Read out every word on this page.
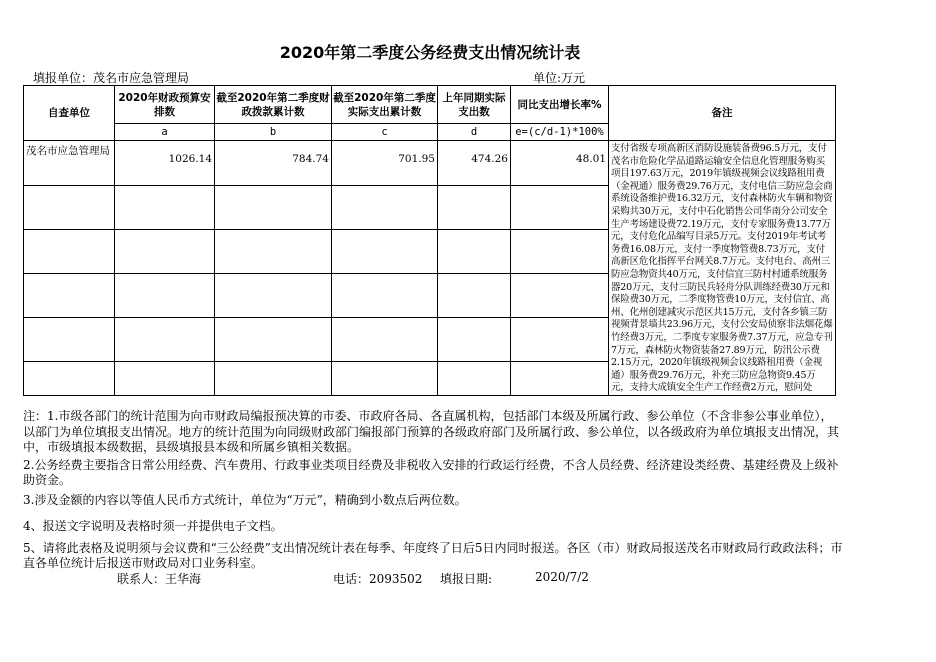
2020年第二季度公务经费支出情况统计表
填报单位：茂名市应急管理局	单位:万元
自查单位	2020年财政预算安排数	截至2020年第二季度财政拨款累计数	截至2020年第二季度实际支出累计数	上年同期实际支出数	同比支出增长率%	备注
	a	b	c	d	e=(c/d-1)*100%	
茂名市应急管理局	1026.14	784.74	701.95	474.26	48.01	支付省级专项高新区消防设施装备费96.5万元，支付茂名市危险化学品道路运输安全信息化管理服务购买项目197.63万元，2019年镇级视频会议线路租用费（金视通）服务费29.76万元，支付电信三防应急会商系统设备维护费16.32万元，支付森林防火车辆和物资采购共30万元，支付中石化销售公司华南分公司安全生产考场建设费72.19万元，支付专家服务费13.77万元，支付危化品编写目录5万元。支付2019年考试考务费16.08万元，支付一季度物管费8.73万元，支付高新区危化指挥平台网关8.7万元。支付电台、高州三防应急物资共40万元，支付信宜三防村村通系统服务器20万元，支付三防民兵轻舟分队训练经费30万元和保险费30万元，二季度物管费10万元，支付信宜、高州、化州创建减灾示范区共15万元，支付各乡镇三防视频背景墙共23.96万元，支付公安局侦察非法烟花爆竹经费3万元，二季度专家服务费7.37万元，应急专刊7万元，森林防火物资装备27.89万元，防汛公示费2.15万元，2020年镇级视频会议线路租用费（金视通）服务费29.76万元，补充三防应急物资9.45万元，支持大成镇安全生产工作经费2万元，慰问处

注：1.市级各部门的统计范围为向市财政局编报预决算的市委、市政府各局、各直属机构，包括部门本级及所属行政、参公单位（不含非参公事业单位），以部门为单位填报支出情况。地方的统计范围为向同级财政部门编报部门预算的各级政府部门及所属行政、参公单位，以各级政府为单位填报支出情况，其中，市级填报本级数据，县级填报县本级和所属乡镇相关数据。

2.公务经费主要指含日常公用经费、汽车费用、行政事业类项目经费及非税收入安排的行政运行经费，不含人员经费、经济建设类经费、基建经费及上级补助资金。

3.涉及金额的内容以等值人民币方式统计，单位为“万元”，精确到小数点后两位数。

4、报送文字说明及表格时须一并提供电子文档。

5、请将此表格及说明须与会议费和“三公经费”支出情况统计表在每季、年度终了日后5日内同时报送。各区（市）财政局报送茂名市财政局行政政法科；市直各单位统计后报送市财政局对口业务科室。

联系人：王华海	电话：2093502 填报日期:	2020/7/2
